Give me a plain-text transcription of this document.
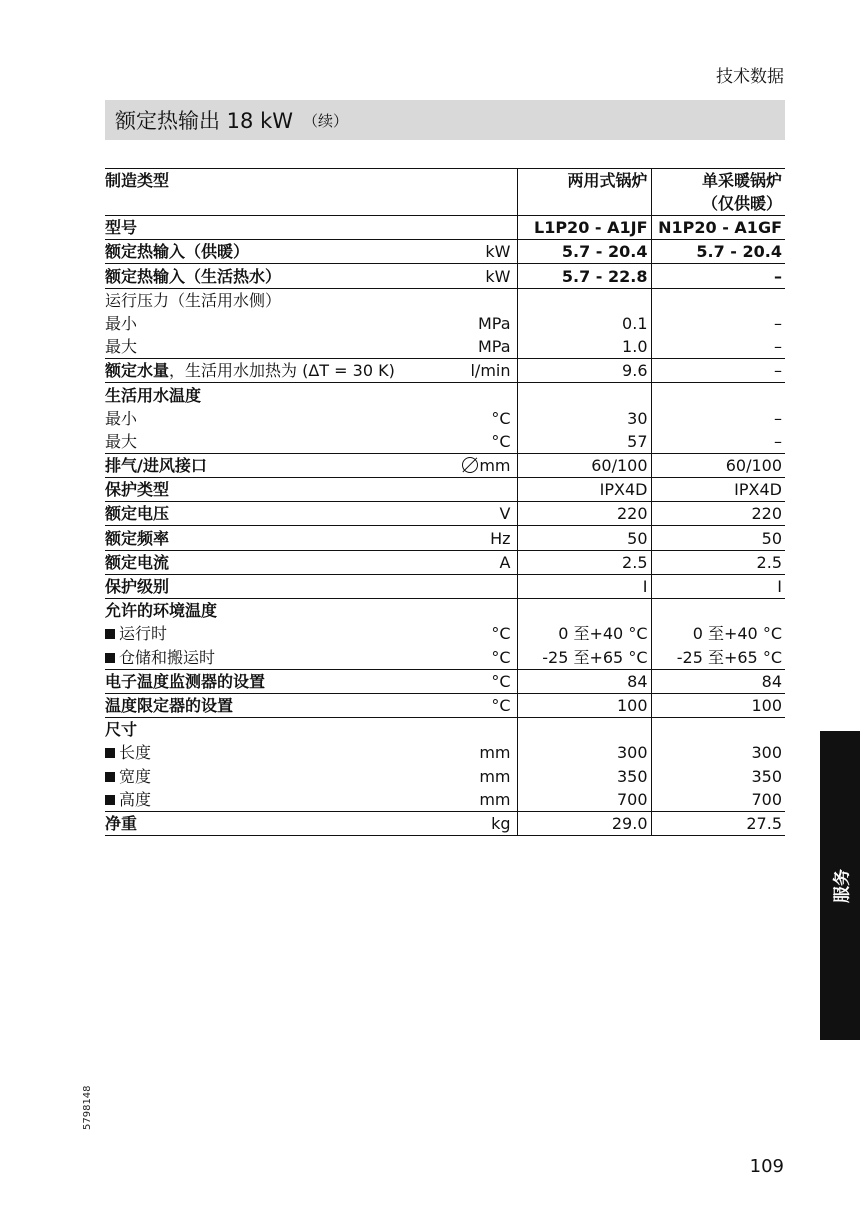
技术数据
额定热输出 18 kW （续）
制造类型		两用式锅炉	单采暖锅炉
（仅供暖）

型号		L1P20 - A1JF	N1P20 - A1GF
额定热输入（供暖）	kW	5.7 - 20.4	5.7 - 20.4
额定热输入（生活热水）	kW	5.7 - 22.8	–
运行压力（生活用水侧）			
最小	MPa	0.1	–
最大	MPa	1.0	–
额定水量，生活用水加热为 (ΔT = 30 K)	l/min	9.6	–
生活用水温度			
最小	°C	30	–
最大	°C	57	–
排气/进风接口	mm	60/100	60/100
保护类型		IPX4D	IPX4D
额定电压	V	220	220
额定频率	Hz	50	50
额定电流	A	2.5	2.5
保护级别		I	I
允许的环境温度			
运行时	°C	0 至+40 °C	0 至+40 °C
仓储和搬运时	°C	-25 至+65 °C	-25 至+65 °C
电子温度监测器的设置	°C	84	84
温度限定器的设置	°C	100	100
尺寸			
长度	mm	300	300
宽度	mm	350	350
高度	mm	700	700
净重	kg	29.0	27.5
服务
5798148
109
